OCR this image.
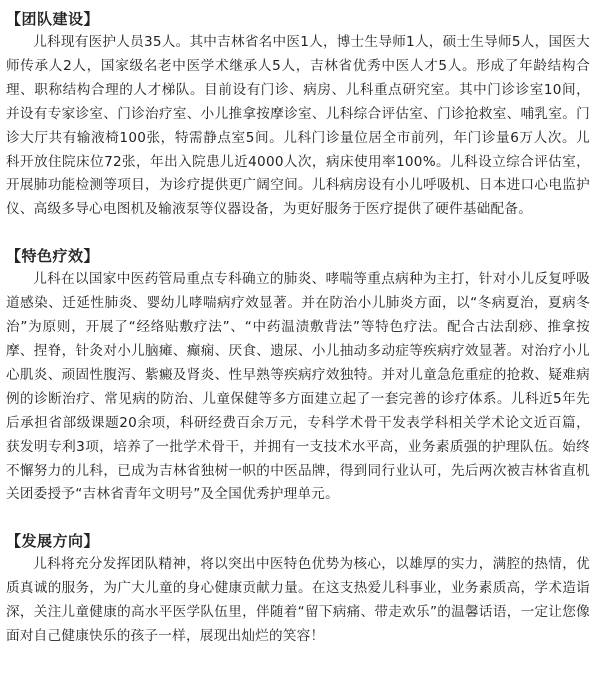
【团队建设】

儿科现有医护人员35人。其中吉林省名中医1人，博士生导师1人，硕士生导师5人，国医大师传承人2人，国家级名老中医学术继承人5人，吉林省优秀中医人才5人。形成了年龄结构合理、职称结构合理的人才梯队。目前设有门诊、病房、儿科重点研究室。其中门诊诊室10间，并设有专家诊室、门诊治疗室、小儿推拿按摩诊室、儿科综合评估室、门诊抢救室、哺乳室。门诊大厅共有输液椅100张，特需静点室5间。儿科门诊量位居全市前列，年门诊量6万人次。儿科开放住院床位72张，年出入院患儿近4000人次，病床使用率100%。儿科设立综合评估室，开展肺功能检测等项目，为诊疗提供更广阔空间。儿科病房设有小儿呼吸机、日本进口心电监护仪、高级多导心电图机及输液泵等仪器设备，为更好服务于医疗提供了硬件基础配备。

【特色疗效】

儿科在以国家中医药管局重点专科确立的肺炎、哮喘等重点病种为主打，针对小儿反复呼吸道感染、迁延性肺炎、婴幼儿哮喘病疗效显著。并在防治小儿肺炎方面，以“冬病夏治，夏病冬治”为原则，开展了“经络贴敷疗法”、“中药温渍敷背法”等特色疗法。配合古法刮痧、推拿按摩、捏脊，针灸对小儿脑瘫、癫痫、厌食、遗尿、小儿抽动多动症等疾病疗效显著。对治疗小儿心肌炎、顽固性腹泻、紫癜及肾炎、性早熟等疾病疗效独特。并对儿童急危重症的抢救、疑难病例的诊断治疗、常见病的防治、儿童保健等多方面建立起了一套完善的诊疗体系。儿科近5年先后承担省部级课题20余项，科研经费百余万元，专科学术骨干发表学科相关学术论文近百篇，获发明专利3项，培养了一批学术骨干，并拥有一支技术水平高，业务素质强的护理队伍。始终不懈努力的儿科，已成为吉林省独树一帜的中医品牌，得到同行业认可，先后两次被吉林省直机关团委授予“吉林省青年文明号”及全国优秀护理单元。

【发展方向】

儿科将充分发挥团队精神，将以突出中医特色优势为核心，以雄厚的实力，满腔的热情，优质真诚的服务，为广大儿童的身心健康贡献力量。在这支热爱儿科事业，业务素质高，学术造诣深，关注儿童健康的高水平医学队伍里，伴随着“留下病痛、带走欢乐”的温馨话语，一定让您像面对自己健康快乐的孩子一样，展现出灿烂的笑容！
